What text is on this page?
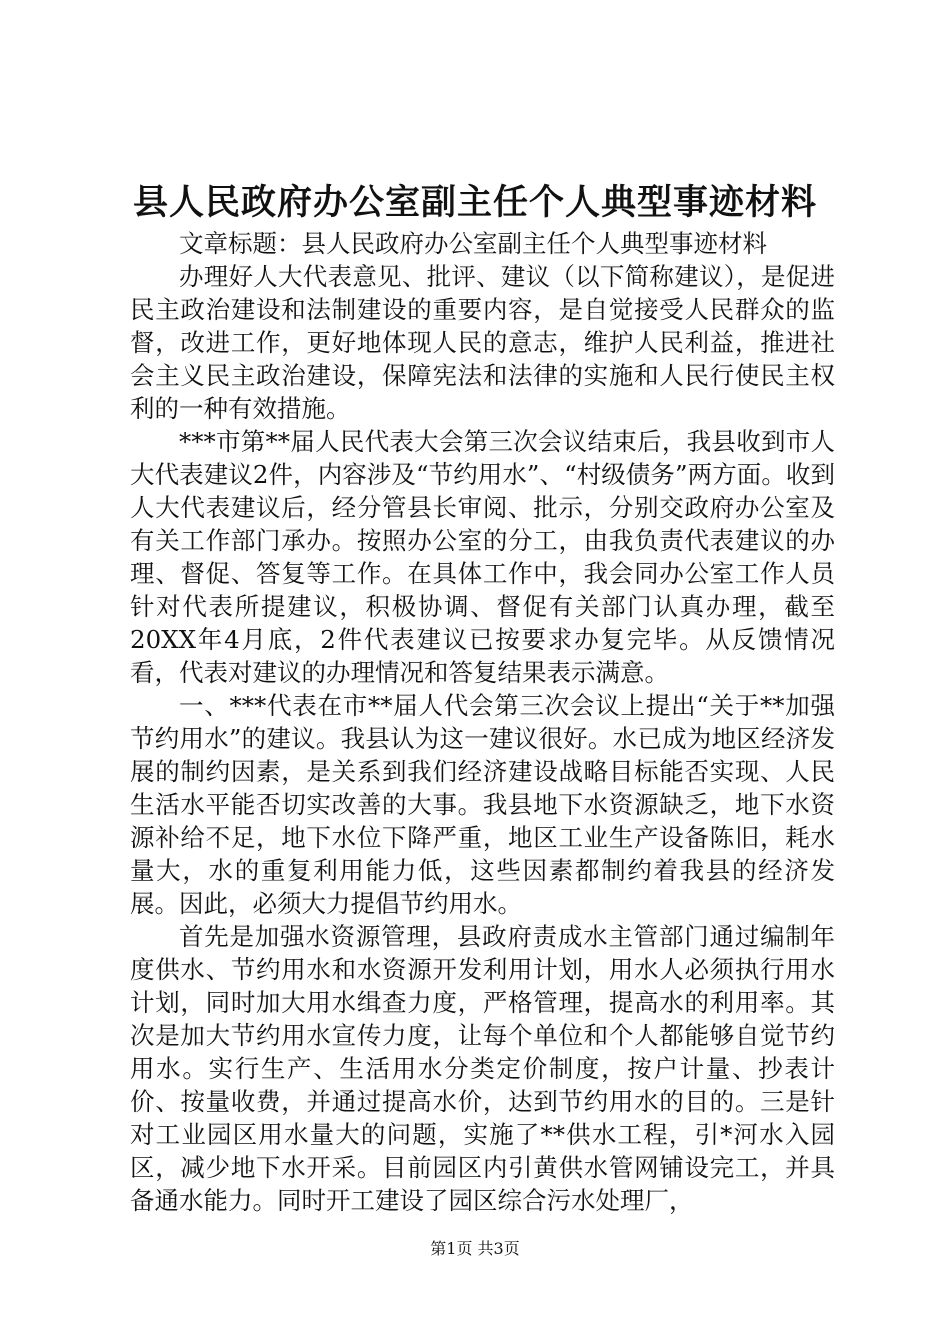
县人民政府办公室副主任个人典型事迹材料

文章标题：县人民政府办公室副主任个人典型事迹材料

办理好人大代表意见、批评、建议（以下简称建议），是促进民主政治建设和法制建设的重要内容，是自觉接受人民群众的监督，改进工作，更好地体现人民的意志，维护人民利益，推进社会主义民主政治建设，保障宪法和法律的实施和人民行使民主权利的一种有效措施。

***市第**届人民代表大会第三次会议结束后，我县收到市人大代表建议2件，内容涉及“节约用水”、“村级债务”两方面。收到人大代表建议后，经分管县长审阅、批示，分别交政府办公室及有关工作部门承办。按照办公室的分工，由我负责代表建议的办理、督促、答复等工作。在具体工作中，我会同办公室工作人员针对代表所提建议，积极协调、督促有关部门认真办理，截至20XX年4月底，2件代表建议已按要求办复完毕。从反馈情况看，代表对建议的办理情况和答复结果表示满意。

一、***代表在市**届人代会第三次会议上提出“关于**加强节约用水”的建议。我县认为这一建议很好。水已成为地区经济发展的制约因素，是关系到我们经济建设战略目标能否实现、人民生活水平能否切实改善的大事。我县地下水资源缺乏，地下水资源补给不足，地下水位下降严重，地区工业生产设备陈旧，耗水量大，水的重复利用能力低，这些因素都制约着我县的经济发展。因此，必须大力提倡节约用水。

首先是加强水资源管理，县政府责成水主管部门通过编制年度供水、节约用水和水资源开发利用计划，用水人必须执行用水计划，同时加大用水缉查力度，严格管理，提高水的利用率。其次是加大节约用水宣传力度，让每个单位和个人都能够自觉节约用水。实行生产、生活用水分类定价制度，按户计量、抄表计价、按量收费，并通过提高水价，达到节约用水的目的。三是针对工业园区用水量大的问题，实施了**供水工程，引*河水入园区，减少地下水开采。目前园区内引黄供水管网铺设完工，并具备通水能力。同时开工建设了园区综合污水处理厂，

第1页 共3页
